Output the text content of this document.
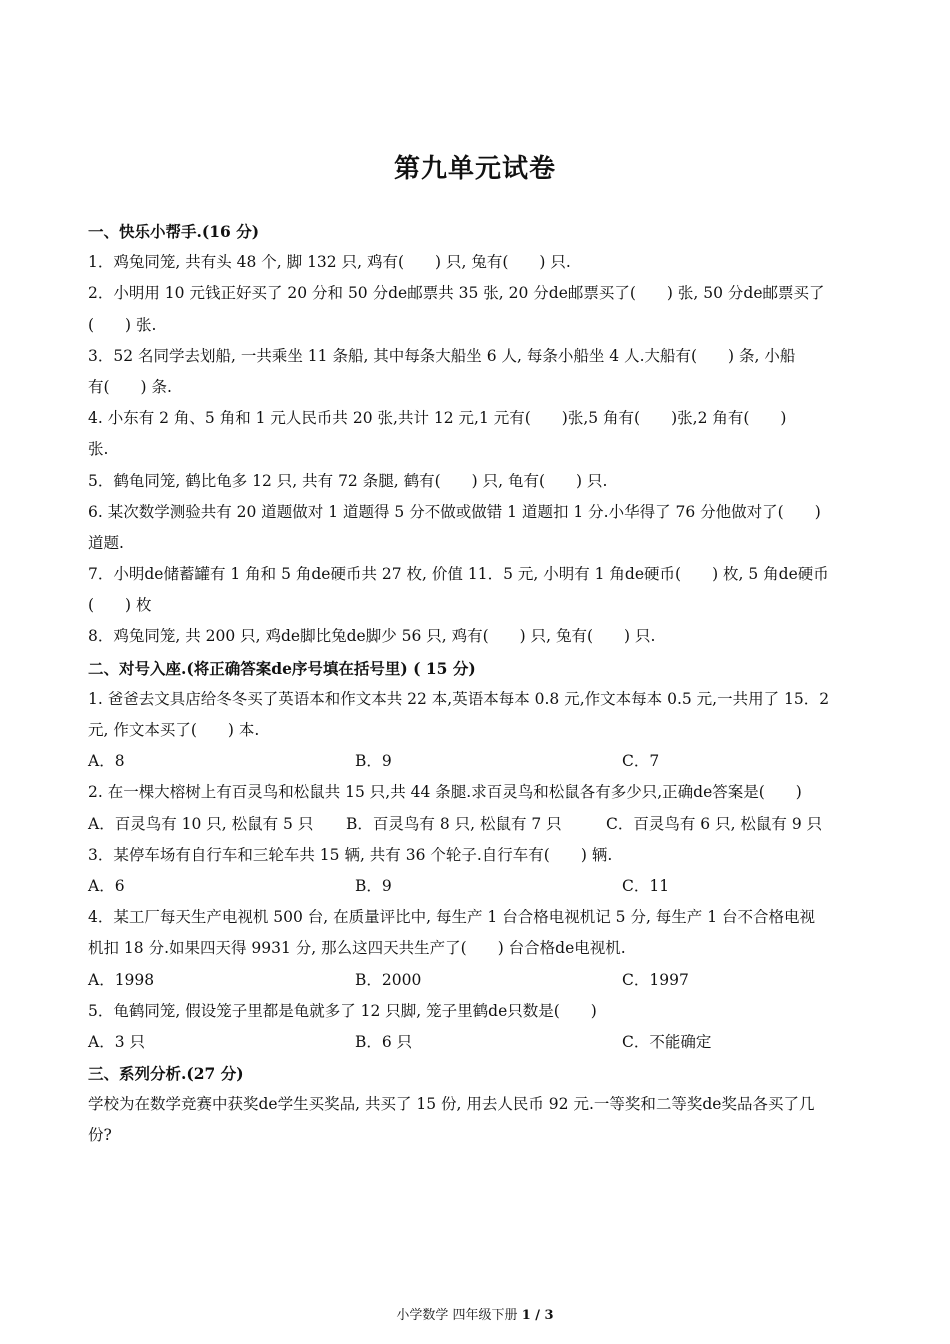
第九单元试卷
一、快乐小帮手.(16 分)
1．鸡兔同笼, 共有头 48 个, 脚 132 只, 鸡有(　　) 只, 兔有(　　) 只.
2．小明用 10 元钱正好买了 20 分和 50 分de邮票共 35 张, 20 分de邮票买了(　　) 张, 50 分de邮票买了
(　　) 张.
3．52 名同学去划船, 一共乘坐 11 条船, 其中每条大船坐 6 人, 每条小船坐 4 人.大船有(　　) 条, 小船
有(　　) 条.
4. 小东有 2 角、5 角和 1 元人民币共 20 张,共计 12 元,1 元有(　　)张,5 角有(　　)张,2 角有(　　)
张.
5．鹤龟同笼, 鹤比龟多 12 只, 共有 72 条腿, 鹤有(　　) 只, 龟有(　　) 只.
6. 某次数学测验共有 20 道题做对 1 道题得 5 分不做或做错 1 道题扣 1 分.小华得了 76 分他做对了(　　)
道题.
7．小明de储蓄罐有 1 角和 5 角de硬币共 27 枚, 价值 11．5 元, 小明有 1 角de硬币(　　) 枚, 5 角de硬币
(　　) 枚
8．鸡兔同笼, 共 200 只, 鸡de脚比兔de脚少 56 只, 鸡有(　　) 只, 兔有(　　) 只.
二、对号入座.(将正确答案de序号填在括号里) ( 15 分)
1. 爸爸去文具店给冬冬买了英语本和作文本共 22 本,英语本每本 0.8 元,作文本每本 0.5 元,一共用了 15．2
元, 作文本买了(　　) 本.
A．8	B．9	C．7
2. 在一棵大榕树上有百灵鸟和松鼠共 15 只,共 44 条腿.求百灵鸟和松鼠各有多少只,正确de答案是(　　)
A．百灵鸟有 10 只, 松鼠有 5 只	B．百灵鸟有 8 只, 松鼠有 7 只	C．百灵鸟有 6 只, 松鼠有 9 只
3．某停车场有自行车和三轮车共 15 辆, 共有 36 个轮子.自行车有(　　) 辆.
A．6	B．9	C．11
4．某工厂每天生产电视机 500 台, 在质量评比中, 每生产 1 台合格电视机记 5 分, 每生产 1 台不合格电视
机扣 18 分.如果四天得 9931 分, 那么这四天共生产了(　　) 台合格de电视机.
A．1998	B．2000	C．1997
5．龟鹤同笼, 假设笼子里都是龟就多了 12 只脚, 笼子里鹤de只数是(　　)
A．3 只	B．6 只	C．不能确定
三、系列分析.(27 分)
学校为在数学竞赛中获奖de学生买奖品, 共买了 15 份, 用去人民币 92 元.一等奖和二等奖de奖品各买了几
份?
小学数学 四年级下册 1 / 3
